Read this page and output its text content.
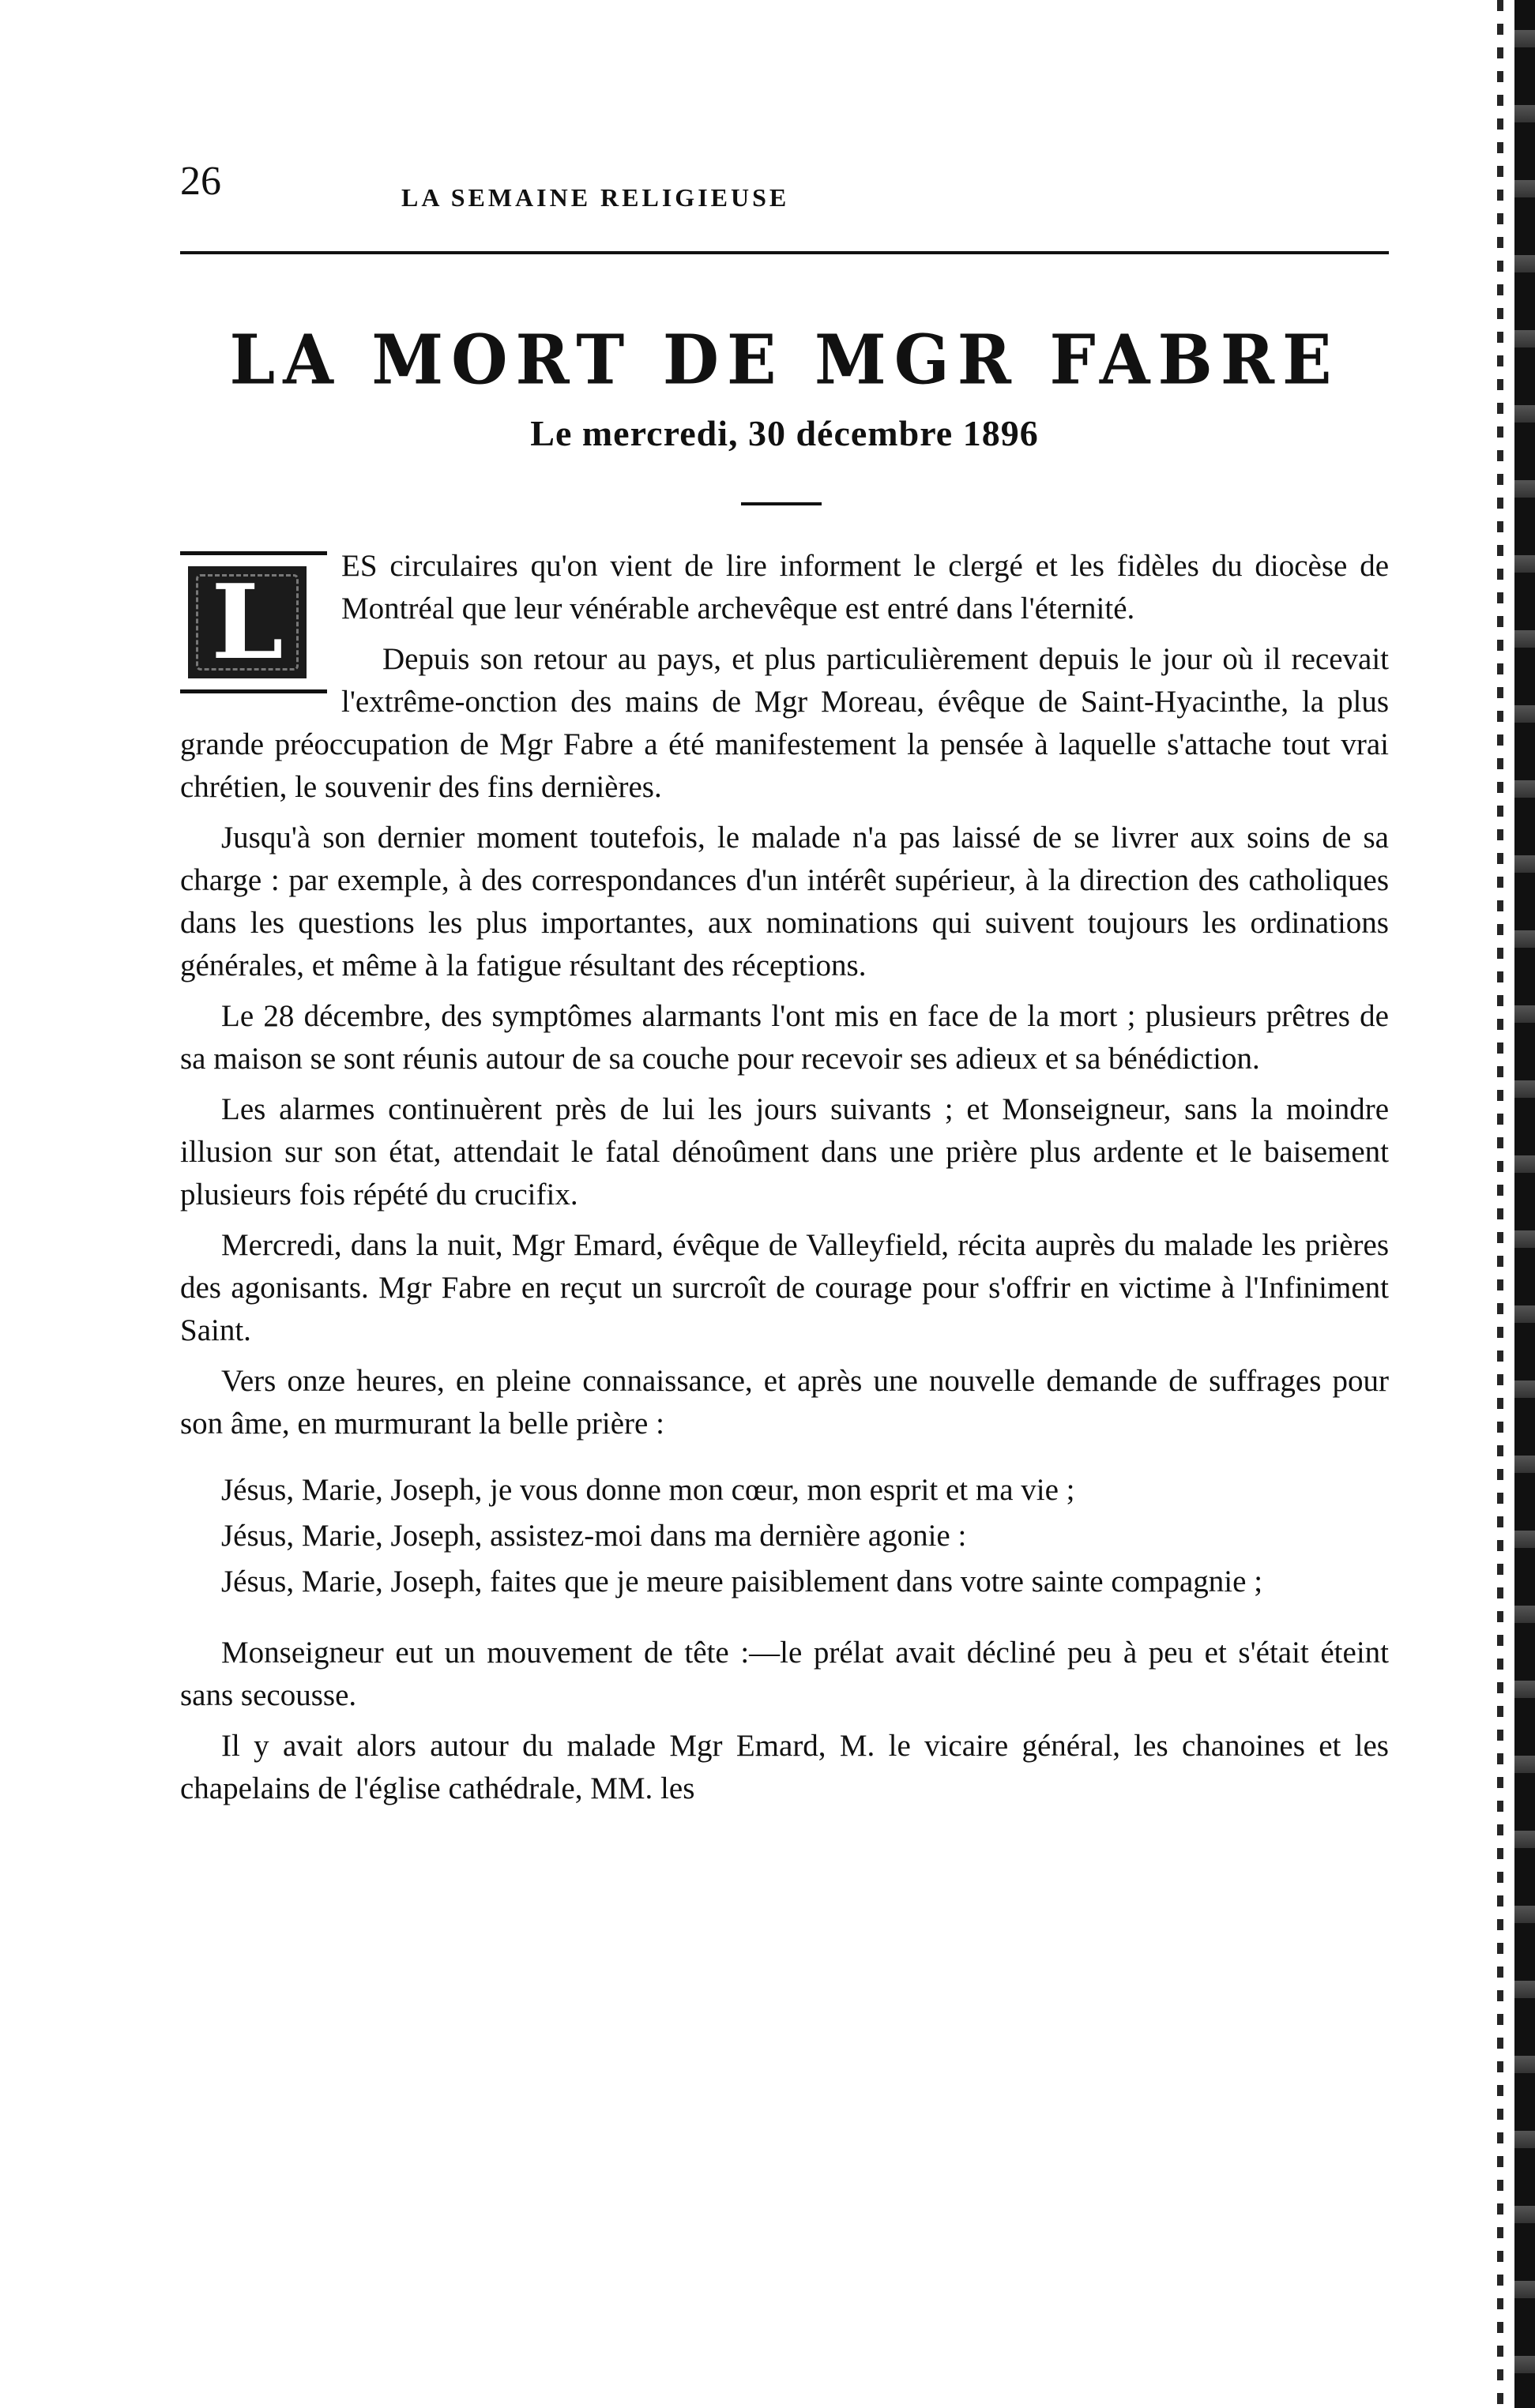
26	LA SEMAINE RELIGIEUSE
LA MORT DE MGR FABRE
Le mercredi, 30 décembre 1896
L	ES circulaires qu'on vient de lire informent le clergé et les fidèles du diocèse de Montréal que leur vénérable archevêque est entré dans l'éternité.

Depuis son retour au pays, et plus particulièrement depuis le jour où il recevait l'extrême-onction des mains de Mgr Moreau, évêque de Saint-Hyacinthe, la plus grande préoccupation de Mgr Fabre a été manifestement la pensée à laquelle s'attache tout vrai chrétien, le souvenir des fins dernières.

Jusqu'à son dernier moment toutefois, le malade n'a pas laissé de se livrer aux soins de sa charge : par exemple, à des correspondances d'un intérêt supérieur, à la direction des catholiques dans les questions les plus importantes, aux nominations qui suivent toujours les ordinations générales, et même à la fatigue résultant des réceptions.

Le 28 décembre, des symptômes alarmants l'ont mis en face de la mort ; plusieurs prêtres de sa maison se sont réunis autour de sa couche pour recevoir ses adieux et sa bénédiction.

Les alarmes continuèrent près de lui les jours suivants ; et Monseigneur, sans la moindre illusion sur son état, attendait le fatal dénoûment dans une prière plus ardente et le baisement plusieurs fois répété du crucifix.

Mercredi, dans la nuit, Mgr Emard, évêque de Valleyfield, récita auprès du malade les prières des agonisants. Mgr Fabre en reçut un surcroît de courage pour s'offrir en victime à l'Infiniment Saint.

Vers onze heures, en pleine connaissance, et après une nouvelle demande de suffrages pour son âme, en murmurant la belle prière :

Jésus, Marie, Joseph, je vous donne mon cœur, mon esprit et ma vie ;

Jésus, Marie, Joseph, assistez-moi dans ma dernière agonie :

Jésus, Marie, Joseph, faites que je meure paisiblement dans votre sainte compagnie ;

Monseigneur eut un mouvement de tête :—le prélat avait décliné peu à peu et s'était éteint sans secousse.

Il y avait alors autour du malade Mgr Emard, M. le vicaire général, les chanoines et les chapelains de l'église cathédrale, MM. les
